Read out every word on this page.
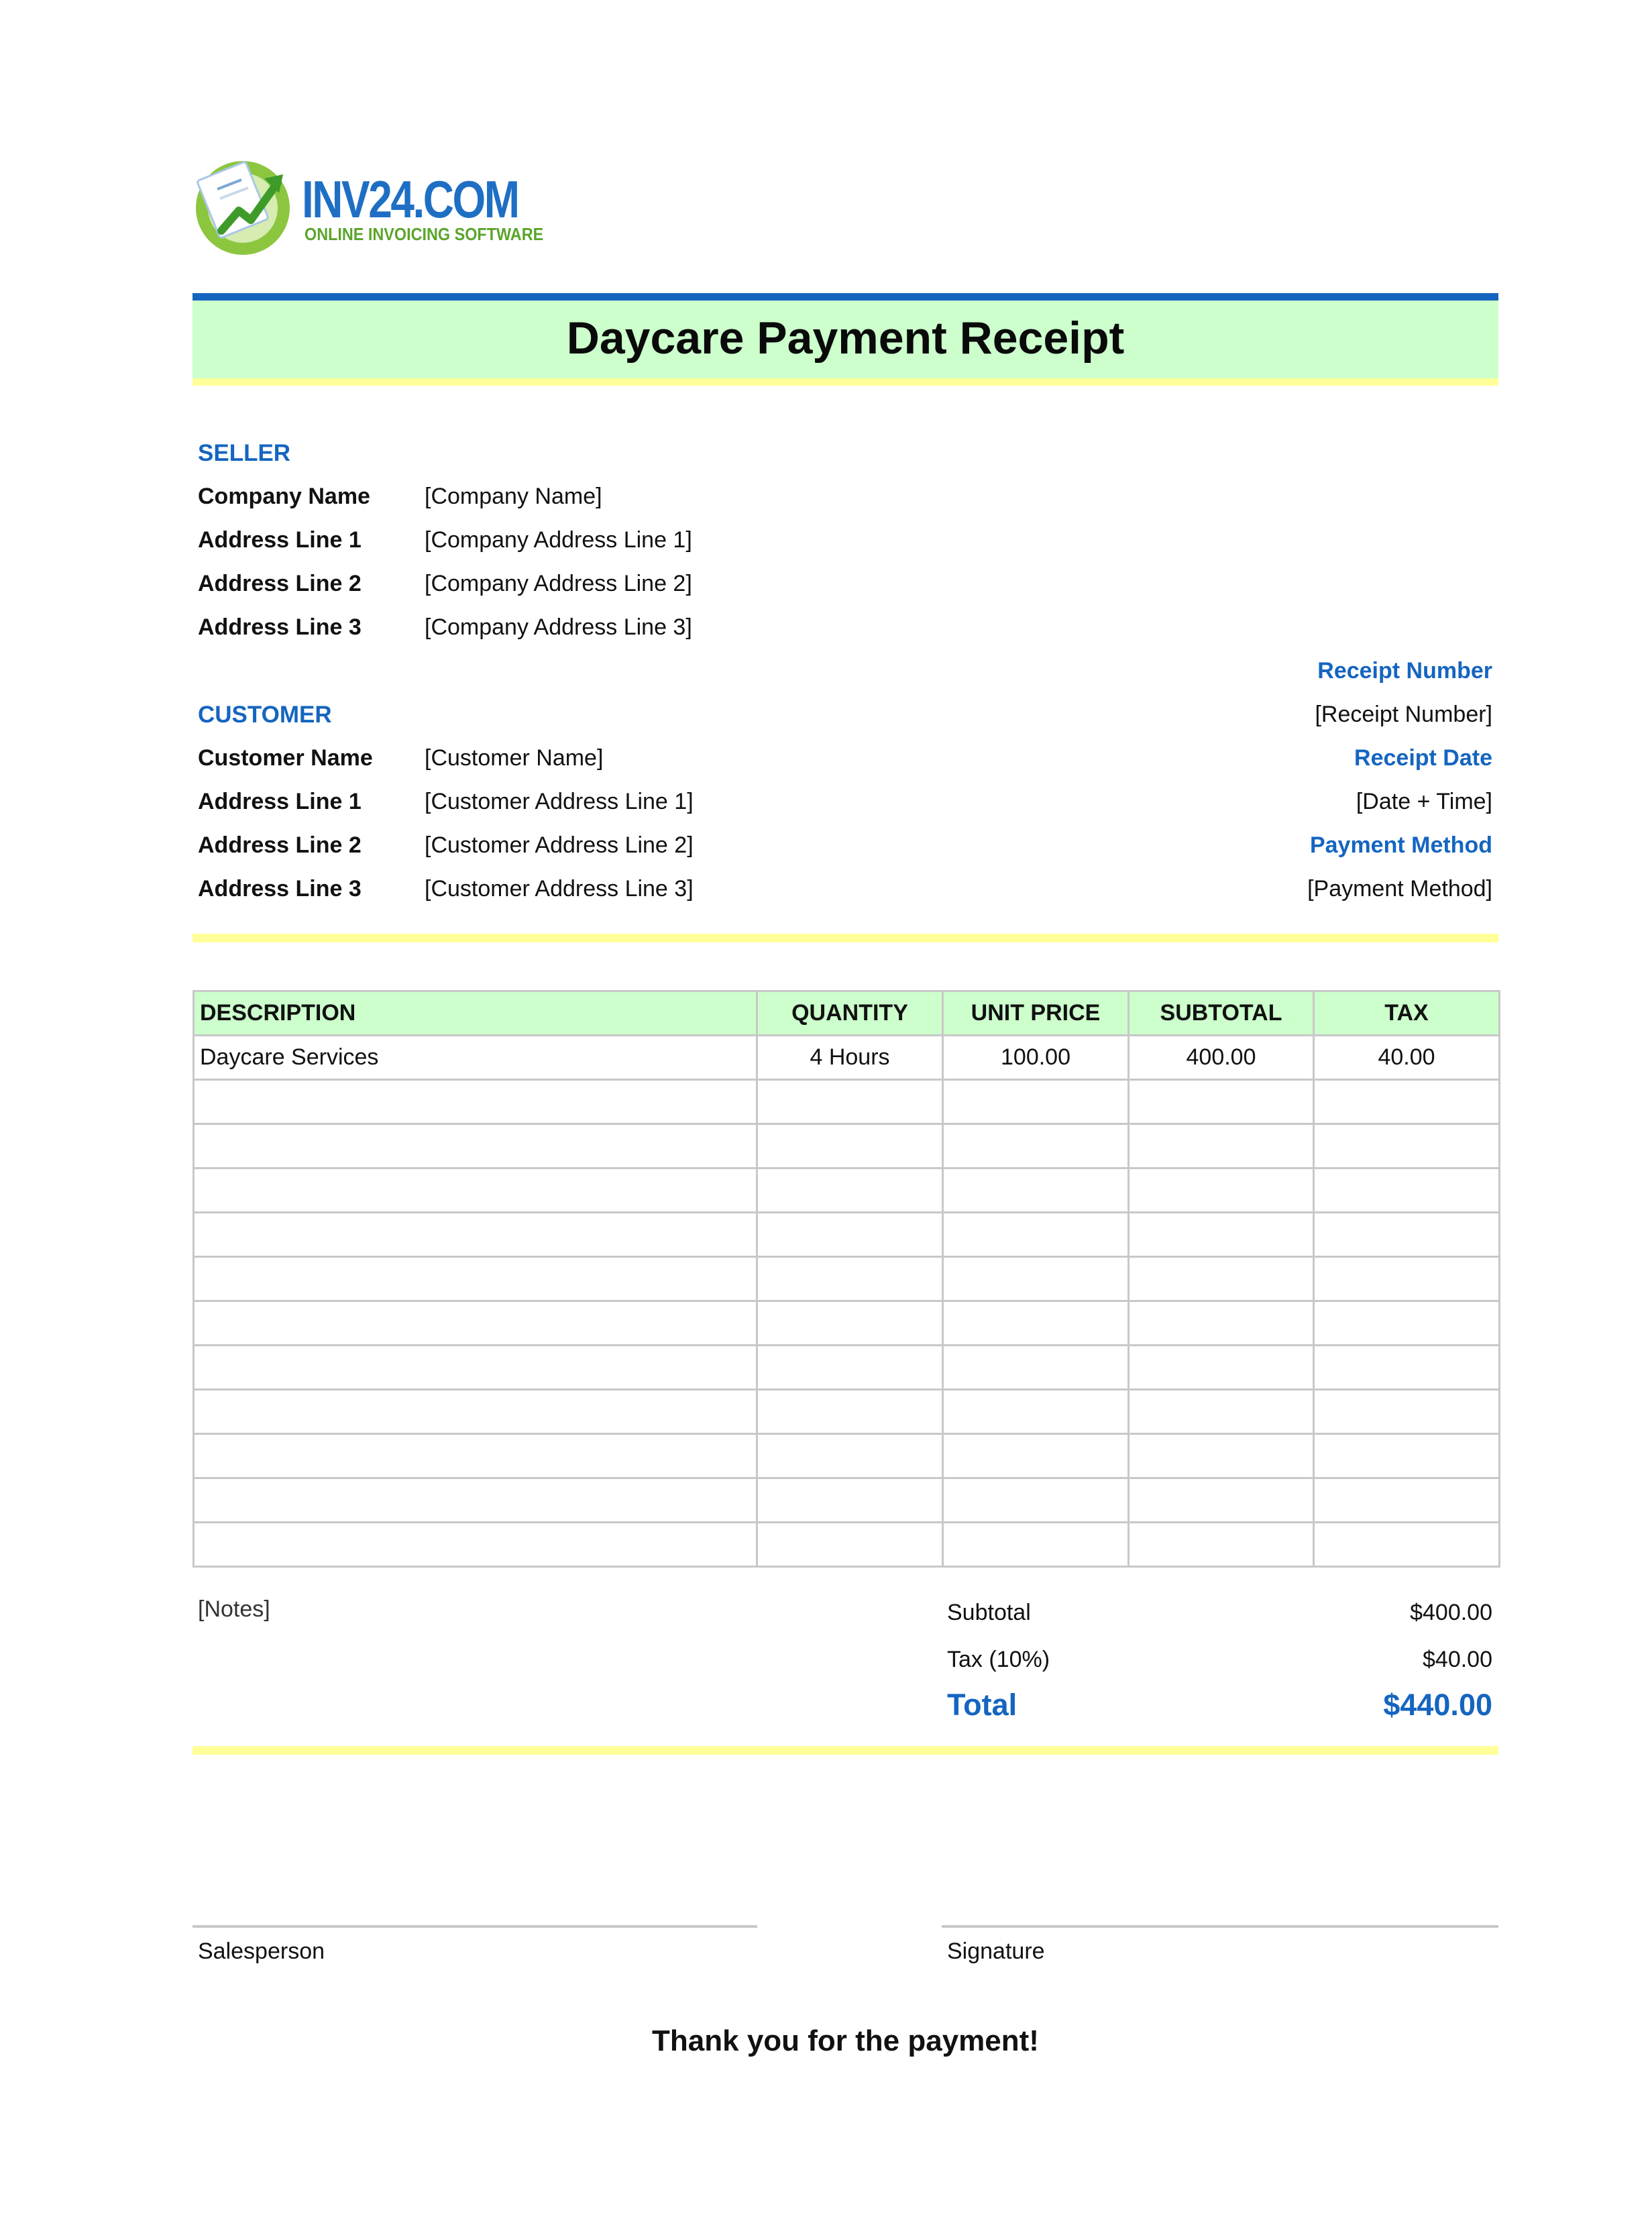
INV24.COM
ONLINE INVOICING SOFTWARE
Daycare Payment Receipt
SELLER
Company Name [Company Name]
Address Line 1	[Company Address Line 1]
Address Line 2	[Company Address Line 2]
Address Line 3	[Company Address Line 3]
Receipt Number
[Receipt Number]
Receipt Date
[Date + Time]
Payment Method
[Payment Method]
CUSTOMER
Customer Name [Customer Name]
Address Line 1	[Customer Address Line 1]
Address Line 2	[Customer Address Line 2]
Address Line 3	[Customer Address Line 3]
DESCRIPTION	QUANTITY	UNIT PRICE	SUBTOTAL	TAX
Daycare Services	4 Hours	100.00	400.00	40.00

[Notes]	Subtotal	$400.00
Tax (10%)	$40.00
Total	$440.00
Salesperson	Signature
Thank you for the payment!
